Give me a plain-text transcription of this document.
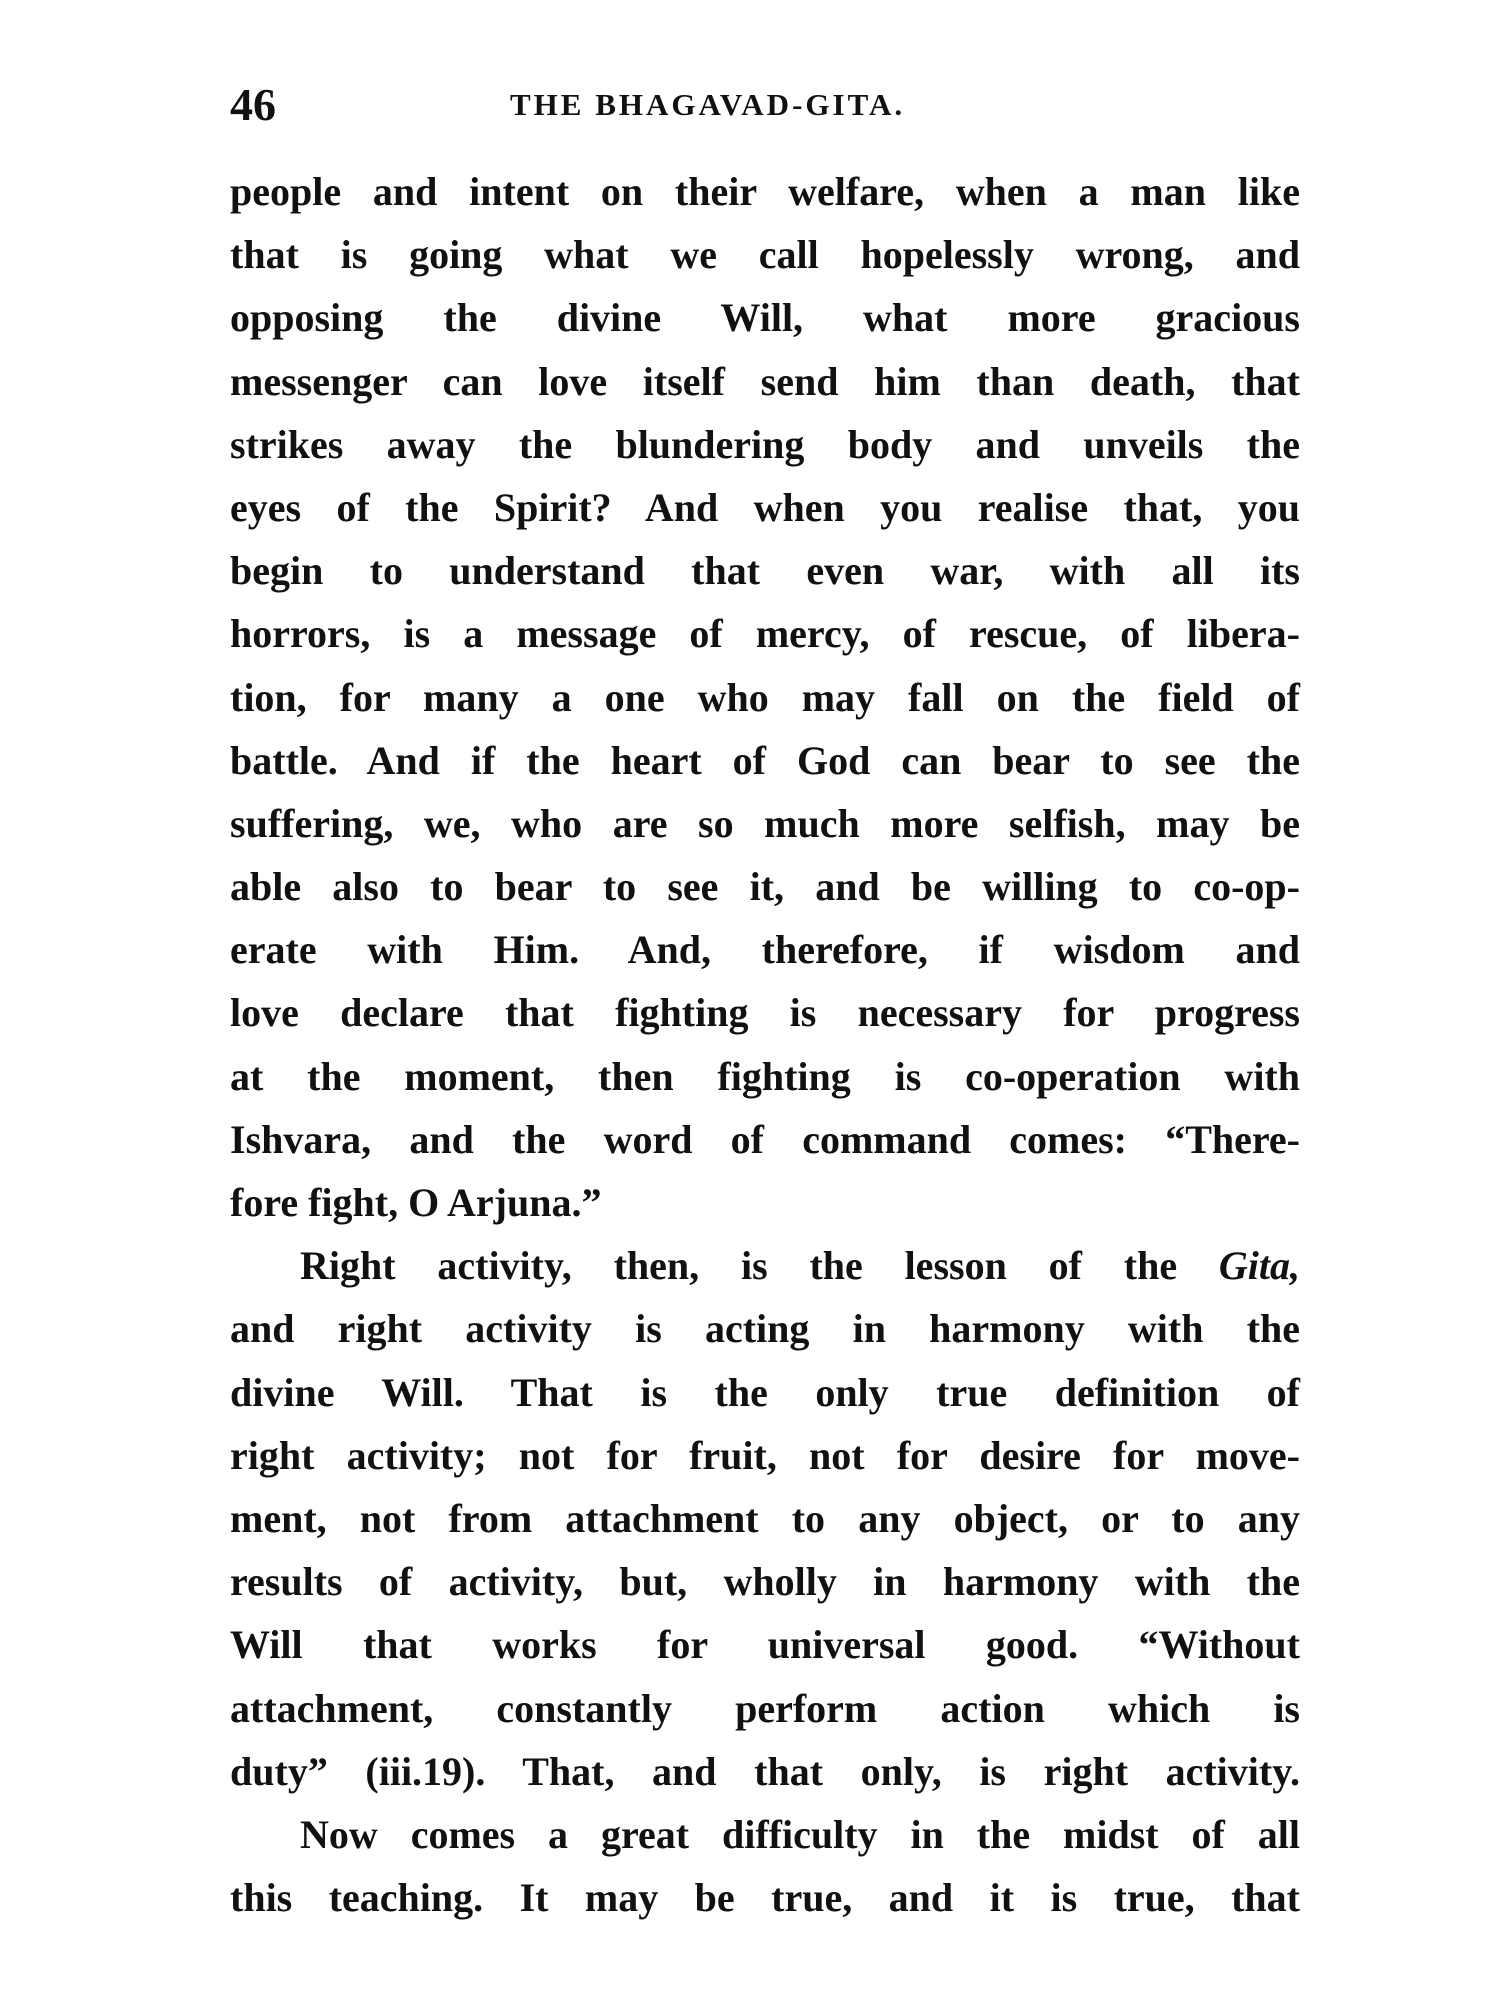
46	THE BHAGAVAD-GITA.
people and intent on their welfare, when a man like
that is going what we call hopelessly wrong, and
opposing the divine Will, what more gracious
messenger can love itself send him than death, that
strikes away the blundering body and unveils the
eyes of the Spirit? And when you realise that, you
begin to understand that even war, with all its
horrors, is a message of mercy, of rescue, of libera-
tion, for many a one who may fall on the field of
battle. And if the heart of God can bear to see the
suffering, we, who are so much more selfish, may be
able also to bear to see it, and be willing to co-op-
erate with Him. And, therefore, if wisdom and
love declare that fighting is necessary for progress
at the moment, then fighting is co-operation with
Ishvara, and the word of command comes: “There-
fore fight, O Arjuna.”
Right activity, then, is the lesson of the Gita,
and right activity is acting in harmony with the
divine Will. That is the only true definition of
right activity; not for fruit, not for desire for move-
ment, not from attachment to any object, or to any
results of activity, but, wholly in harmony with the
Will that works for universal good. “Without
attachment, constantly perform action which is
duty” (iii.19). That, and that only, is right activity.
Now comes a great difficulty in the midst of all
this teaching. It may be true, and it is true, that
